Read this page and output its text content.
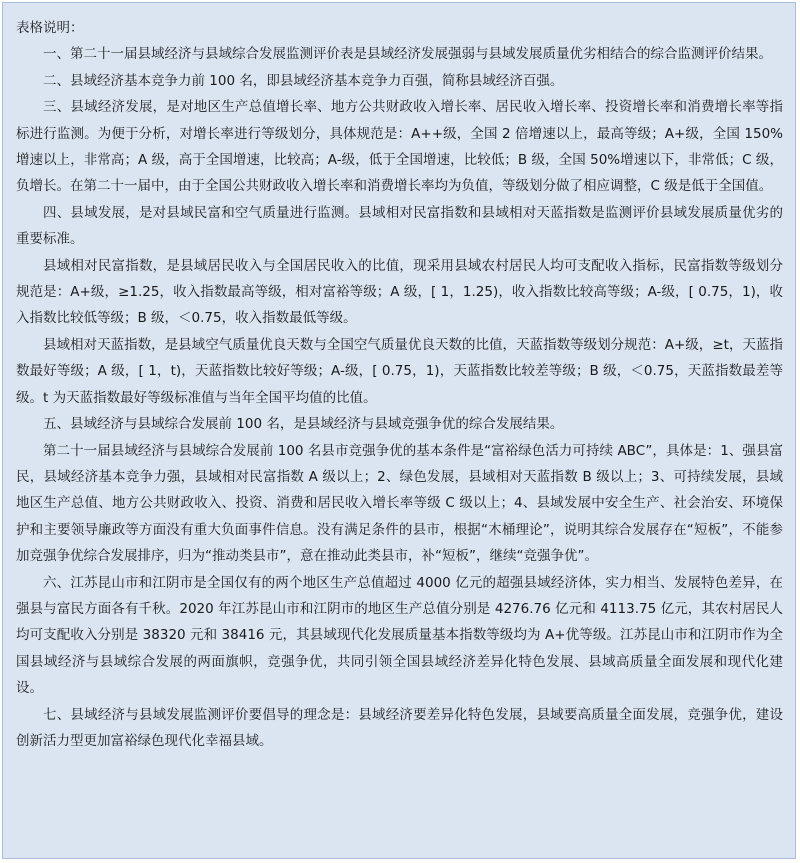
表格说明：

一、第二十一届县域经济与县域综合发展监测评价表是县域经济发展强弱与县域发展质量优劣相结合的综合监测评价结果。

二、县域经济基本竞争力前 100 名，即县域经济基本竞争力百强，简称县域经济百强。

三、县域经济发展，是对地区生产总值增长率、地方公共财政收入增长率、居民收入增长率、投资增长率和消费增长率等指标进行监测。为便于分析，对增长率进行等级划分，具体规范是：A++级，全国 2 倍增速以上，最高等级；A+级，全国 150%增速以上，非常高；A 级，高于全国增速，比较高；A-级，低于全国增速，比较低；B 级，全国 50%增速以下，非常低；C 级，负增长。在第二十一届中，由于全国公共财政收入增长率和消费增长率均为负值，等级划分做了相应调整，C 级是低于全国值。

四、县域发展，是对县域民富和空气质量进行监测。县域相对民富指数和县域相对天蓝指数是监测评价县域发展质量优劣的重要标准。

县域相对民富指数，是县域居民收入与全国居民收入的比值，现采用县域农村居民人均可支配收入指标，民富指数等级划分规范是：A+级，≥1.25，收入指数最高等级，相对富裕等级；A 级，[ 1，1.25)，收入指数比较高等级；A-级，[ 0.75，1)，收入指数比较低等级；B 级，＜0.75，收入指数最低等级。

县域相对天蓝指数，是县域空气质量优良天数与全国空气质量优良天数的比值，天蓝指数等级划分规范：A+级，≥t，天蓝指数最好等级；A 级，[ 1，t)，天蓝指数比较好等级；A-级，[ 0.75，1)，天蓝指数比较差等级；B 级，＜0.75，天蓝指数最差等级。t 为天蓝指数最好等级标准值与当年全国平均值的比值。

五、县域经济与县域综合发展前 100 名，是县域经济与县域竞强争优的综合发展结果。

第二十一届县域经济与县域综合发展前 100 名县市竞强争优的基本条件是“富裕绿色活力可持续 ABC”，具体是：1、强县富民，县域经济基本竞争力强，县域相对民富指数 A 级以上；2、绿色发展，县域相对天蓝指数 B 级以上；3、可持续发展，县域地区生产总值、地方公共财政收入、投资、消费和居民收入增长率等级 C 级以上；4、县域发展中安全生产、社会治安、环境保护和主要领导廉政等方面没有重大负面事件信息。没有满足条件的县市，根据“木桶理论”，说明其综合发展存在“短板”，不能参加竞强争优综合发展排序，归为“推动类县市”，意在推动此类县市，补“短板”，继续“竞强争优”。

六、江苏昆山市和江阴市是全国仅有的两个地区生产总值超过 4000 亿元的超强县域经济体，实力相当、发展特色差异，在强县与富民方面各有千秋。2020 年江苏昆山市和江阴市的地区生产总值分别是 4276.76 亿元和 4113.75 亿元，其农村居民人均可支配收入分别是 38320 元和 38416 元，其县域现代化发展质量基本指数等级均为 A+优等级。江苏昆山市和江阴市作为全国县域经济与县域综合发展的两面旗帜，竞强争优，共同引领全国县域经济差异化特色发展、县域高质量全面发展和现代化建设。

七、县域经济与县域发展监测评价要倡导的理念是：县域经济要差异化特色发展，县域要高质量全面发展，竞强争优，建设创新活力型更加富裕绿色现代化幸福县域。
